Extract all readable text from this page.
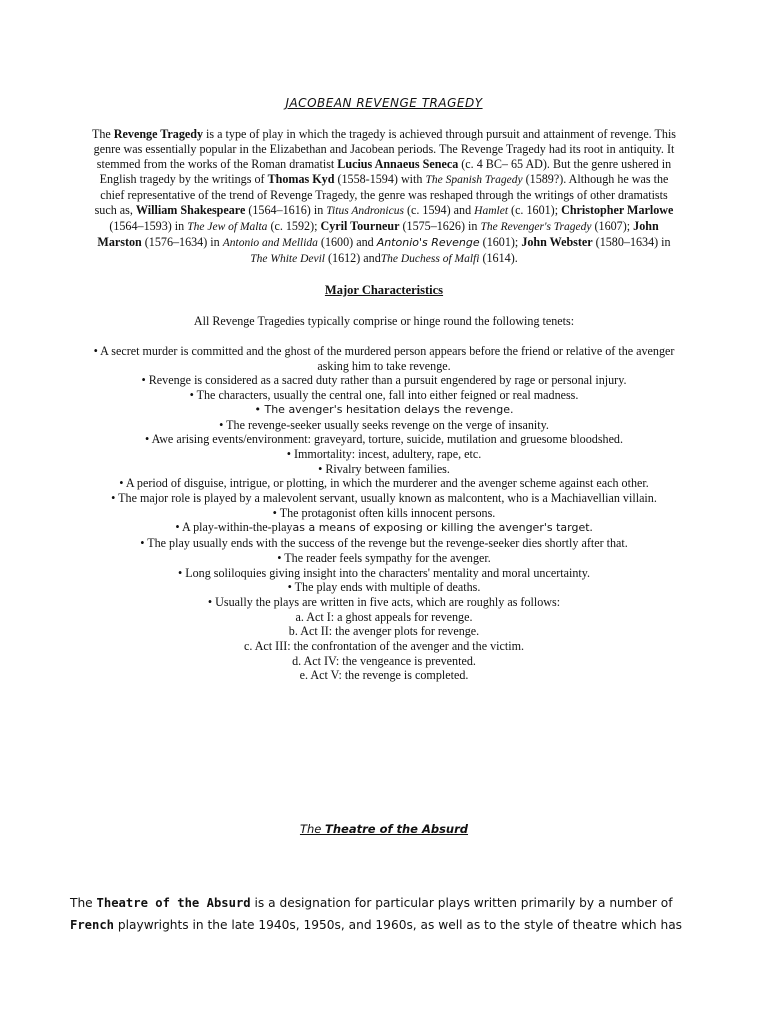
JACOBEAN REVENGE TRAGEDY
The Revenge Tragedy is a type of play in which the tragedy is achieved through pursuit and attainment of revenge. This genre was essentially popular in the Elizabethan and Jacobean periods. The Revenge Tragedy had its root in antiquity. It stemmed from the works of the Roman dramatist Lucius Annaeus Seneca (c. 4 BC– 65 AD). But the genre ushered in English tragedy by the writings of Thomas Kyd (1558-1594) with The Spanish Tragedy (1589?). Although he was the chief representative of the trend of Revenge Tragedy, the genre was reshaped through the writings of other dramatists such as, William Shakespeare (1564–1616) in Titus Andronicus (c. 1594) and Hamlet (c. 1601); Christopher Marlowe (1564–1593) in The Jew of Malta (c. 1592); Cyril Tourneur (1575–1626) in The Revenger's Tragedy (1607); John Marston (1576–1634) in Antonio and Mellida (1600) and Antonio's Revenge (1601); John Webster (1580–1634) in The White Devil (1612) andThe Duchess of Malfi (1614).
Major Characteristics
All Revenge Tragedies typically comprise or hinge round the following tenets:

• A secret murder is committed and the ghost of the murdered person appears before the friend or relative of the avenger asking him to take revenge.

• Revenge is considered as a sacred duty rather than a pursuit engendered by rage or personal injury.

• The characters, usually the central one, fall into either feigned or real madness.

• The avenger's hesitation delays the revenge.

• The revenge-seeker usually seeks revenge on the verge of insanity.

• Awe arising events/environment: graveyard, torture, suicide, mutilation and gruesome bloodshed.

• Immortality: incest, adultery, rape, etc.

• Rivalry between families.

• A period of disguise, intrigue, or plotting, in which the murderer and the avenger scheme against each other.

• The major role is played by a malevolent servant, usually known as malcontent, who is a Machiavellian villain.

• The protagonist often kills innocent persons.

• A play-within-the-playas a means of exposing or killing the avenger's target.

• The play usually ends with the success of the revenge but the revenge-seeker dies shortly after that.

• The reader feels sympathy for the avenger.

• Long soliloquies giving insight into the characters' mentality and moral uncertainty.

• The play ends with multiple of deaths.

• Usually the plays are written in five acts, which are roughly as follows:

a. Act I: a ghost appeals for revenge.

b. Act II: the avenger plots for revenge.

c. Act III: the confrontation of the avenger and the victim.

d. Act IV: the vengeance is prevented.

e. Act V: the revenge is completed.

The Theatre of the Absurd
The Theatre of the Absurd is a designation for particular plays written primarily by a number of French playwrights in the late 1940s, 1950s, and 1960s, as well as to the style of theatre which has
